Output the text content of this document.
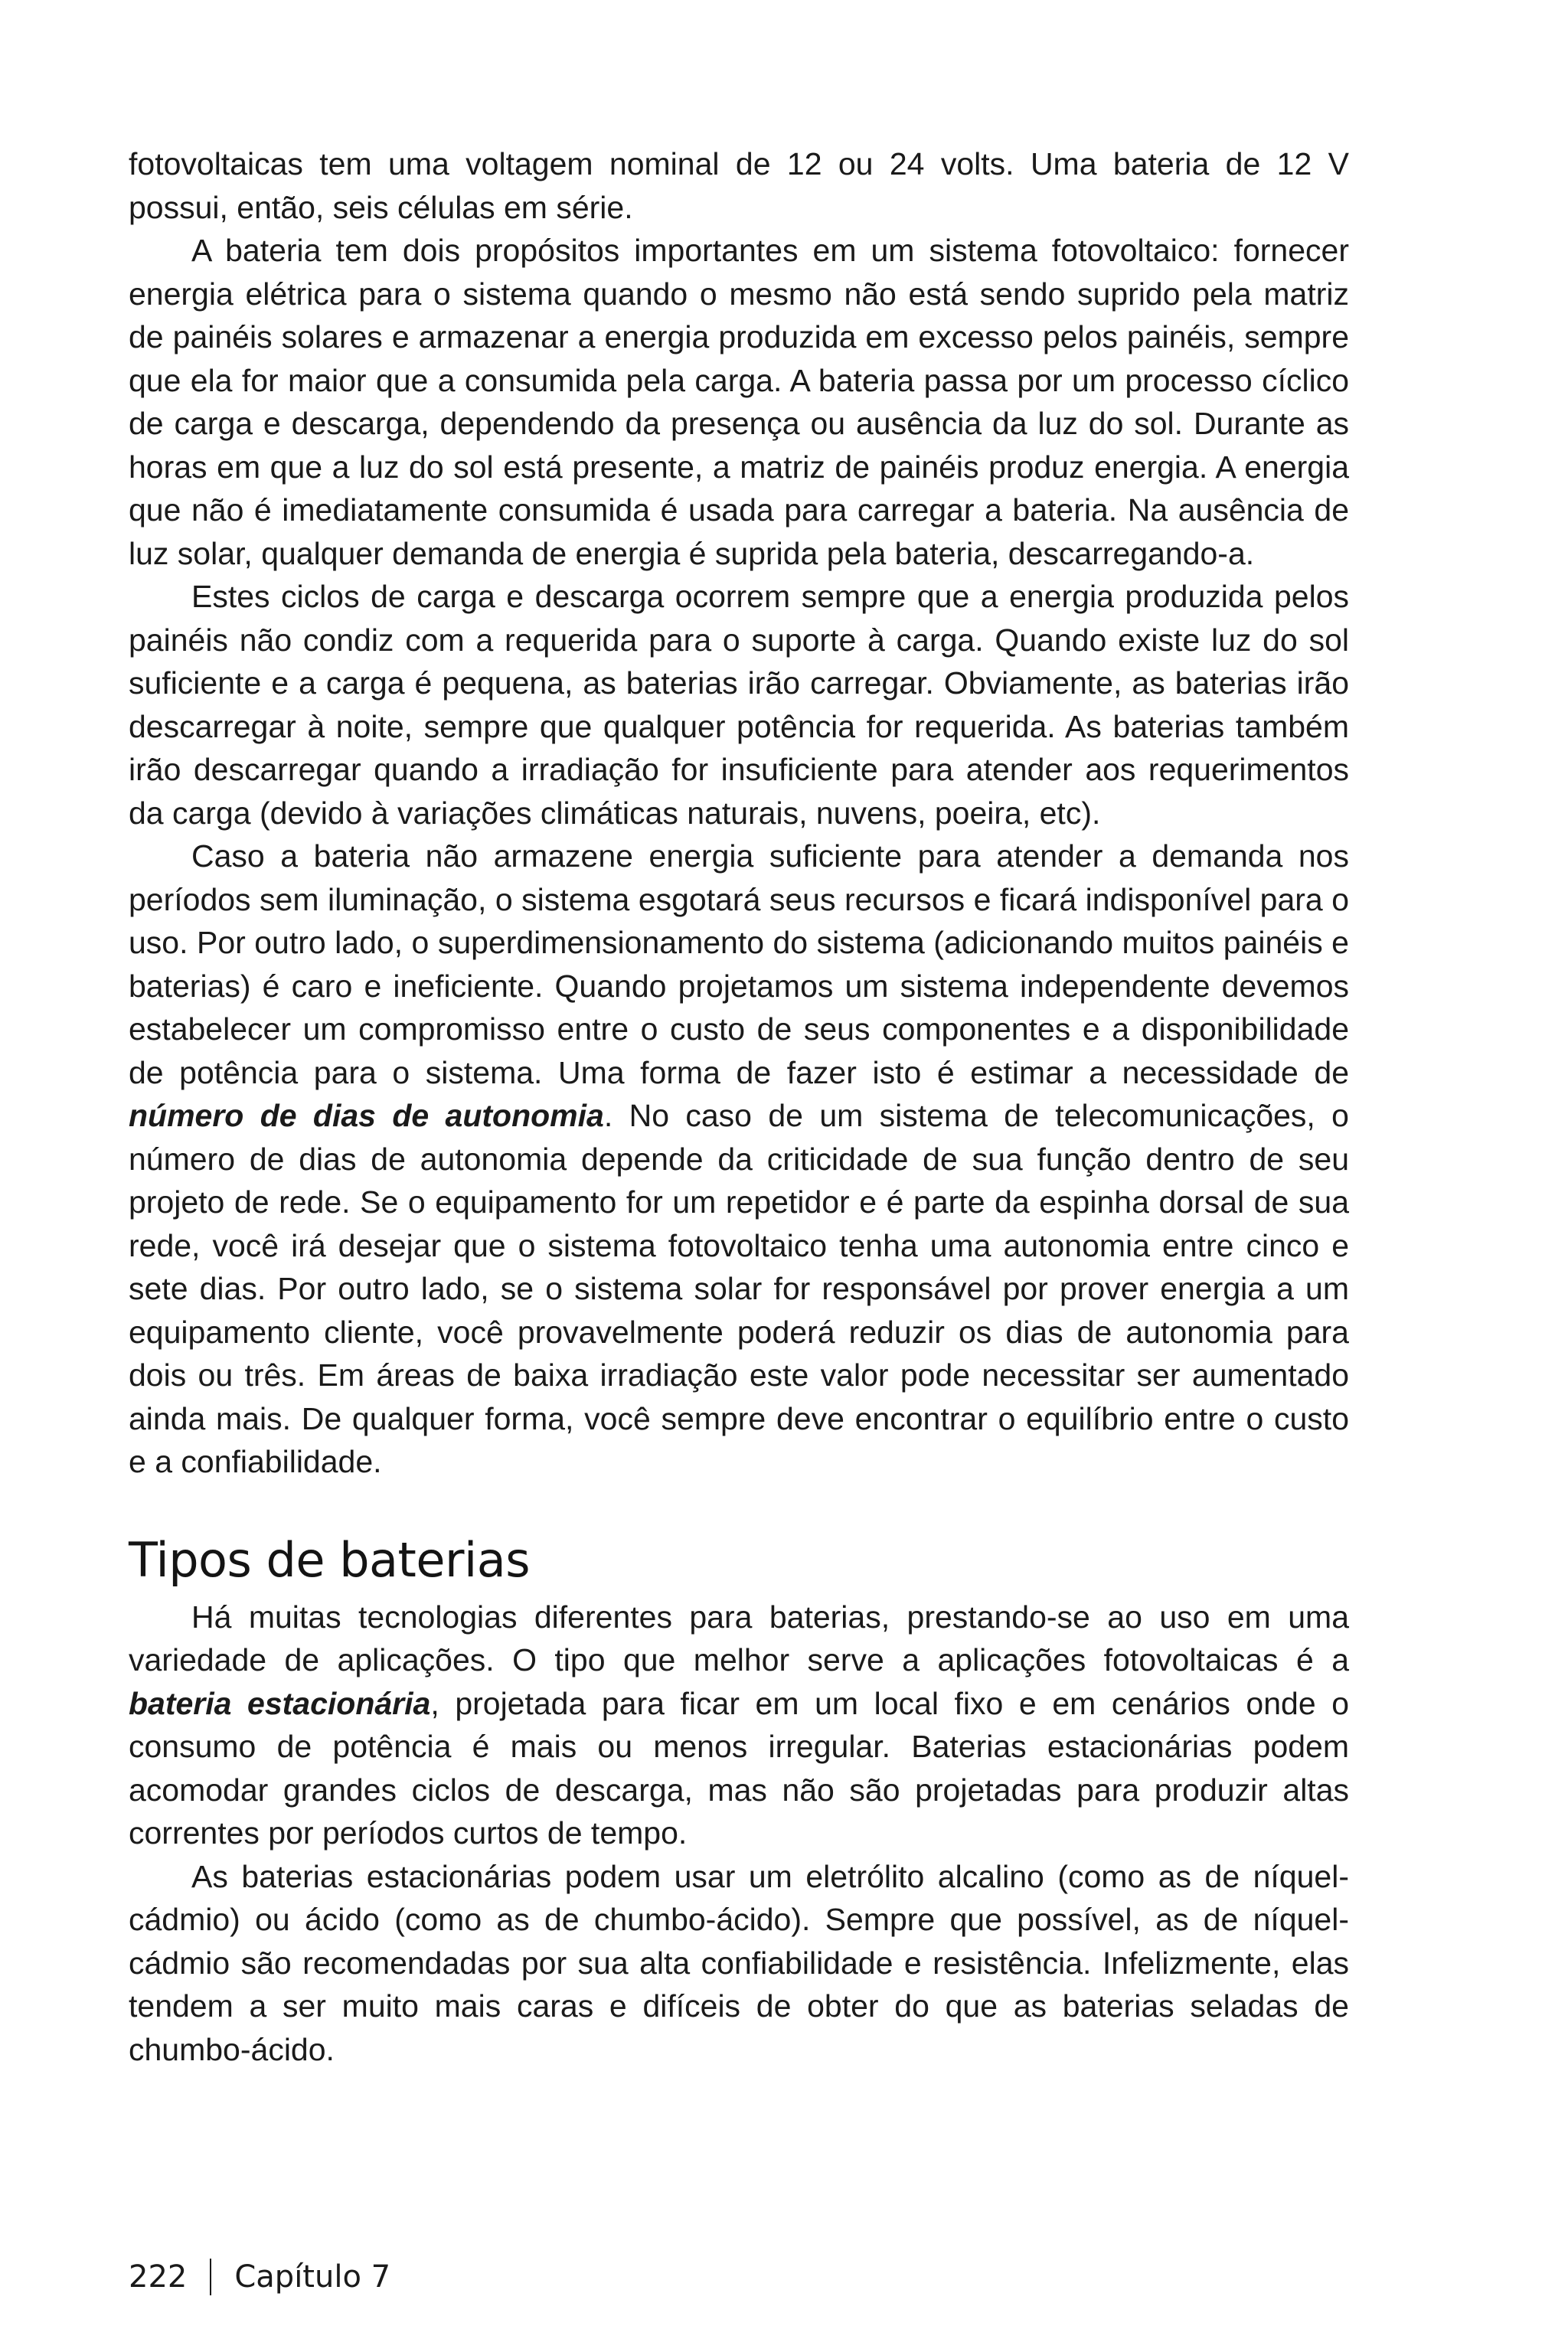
fotovoltaicas tem uma voltagem nominal de 12 ou 24 volts. Uma bateria de 12 V possui, então, seis células em série.

A bateria tem dois propósitos importantes em um sistema fotovoltaico: fornecer energia elétrica para o sistema quando o mesmo não está sendo suprido pela matriz de painéis solares e armazenar a energia produzida em excesso pelos painéis, sempre que ela for maior que a consumida pela carga. A bateria passa por um processo cíclico de carga e descarga, dependendo da presença ou ausência da luz do sol. Durante as horas em que a luz do sol está presente, a matriz de painéis produz energia. A energia que não é imediatamente consumida é usada para carregar a bateria. Na ausência de luz solar, qualquer demanda de energia é suprida pela bateria, descarregando-a.

Estes ciclos de carga e descarga ocorrem sempre que a energia produzida pelos painéis não condiz com a requerida para o suporte à carga. Quando existe luz do sol suficiente e a carga é pequena, as baterias irão carregar. Obviamente, as baterias irão descarregar à noite, sempre que qualquer potência for requerida. As baterias também irão descarregar quando a irradiação for insuficiente para atender aos requerimentos da carga (devido à variações climáticas naturais, nuvens, poeira, etc).

Caso a bateria não armazene energia suficiente para atender a demanda nos períodos sem iluminação, o sistema esgotará seus recursos e ficará indisponível para o uso. Por outro lado, o superdimensionamento do sistema (adicionando muitos painéis e baterias) é caro e ineficiente. Quando projetamos um sistema independente devemos estabelecer um compromisso entre o custo de seus componentes e a disponibilidade de potência para o sistema. Uma forma de fazer isto é estimar a necessidade de número de dias de autonomia. No caso de um sistema de telecomunicações, o número de dias de autonomia depende da criticidade de sua função dentro de seu projeto de rede. Se o equipamento for um repetidor e é parte da espinha dorsal de sua rede, você irá desejar que o sistema fotovoltaico tenha uma autonomia entre cinco e sete dias. Por outro lado, se o sistema solar for responsável por prover energia a um equipamento cliente, você provavelmente poderá reduzir os dias de autonomia para dois ou três. Em áreas de baixa irradiação este valor pode necessitar ser aumentado ainda mais. De qualquer forma, você sempre deve encontrar o equilíbrio entre o custo e a confiabilidade.

Tipos de baterias

Há muitas tecnologias diferentes para baterias, prestando-se ao uso em uma variedade de aplicações. O tipo que melhor serve a aplicações fotovoltaicas é a bateria estacionária, projetada para ficar em um local fixo e em cenários onde o consumo de potência é mais ou menos irregular. Baterias estacionárias podem acomodar grandes ciclos de descarga, mas não são projetadas para produzir altas correntes por períodos curtos de tempo.

As baterias estacionárias podem usar um eletrólito alcalino (como as de níquel-cádmio) ou ácido (como as de chumbo-ácido). Sempre que possível, as de níquel-cádmio são recomendadas por sua alta confiabilidade e resistência. Infelizmente, elas tendem a ser muito mais caras e difíceis de obter do que as baterias seladas de chumbo-ácido.

222 Capítulo 7
